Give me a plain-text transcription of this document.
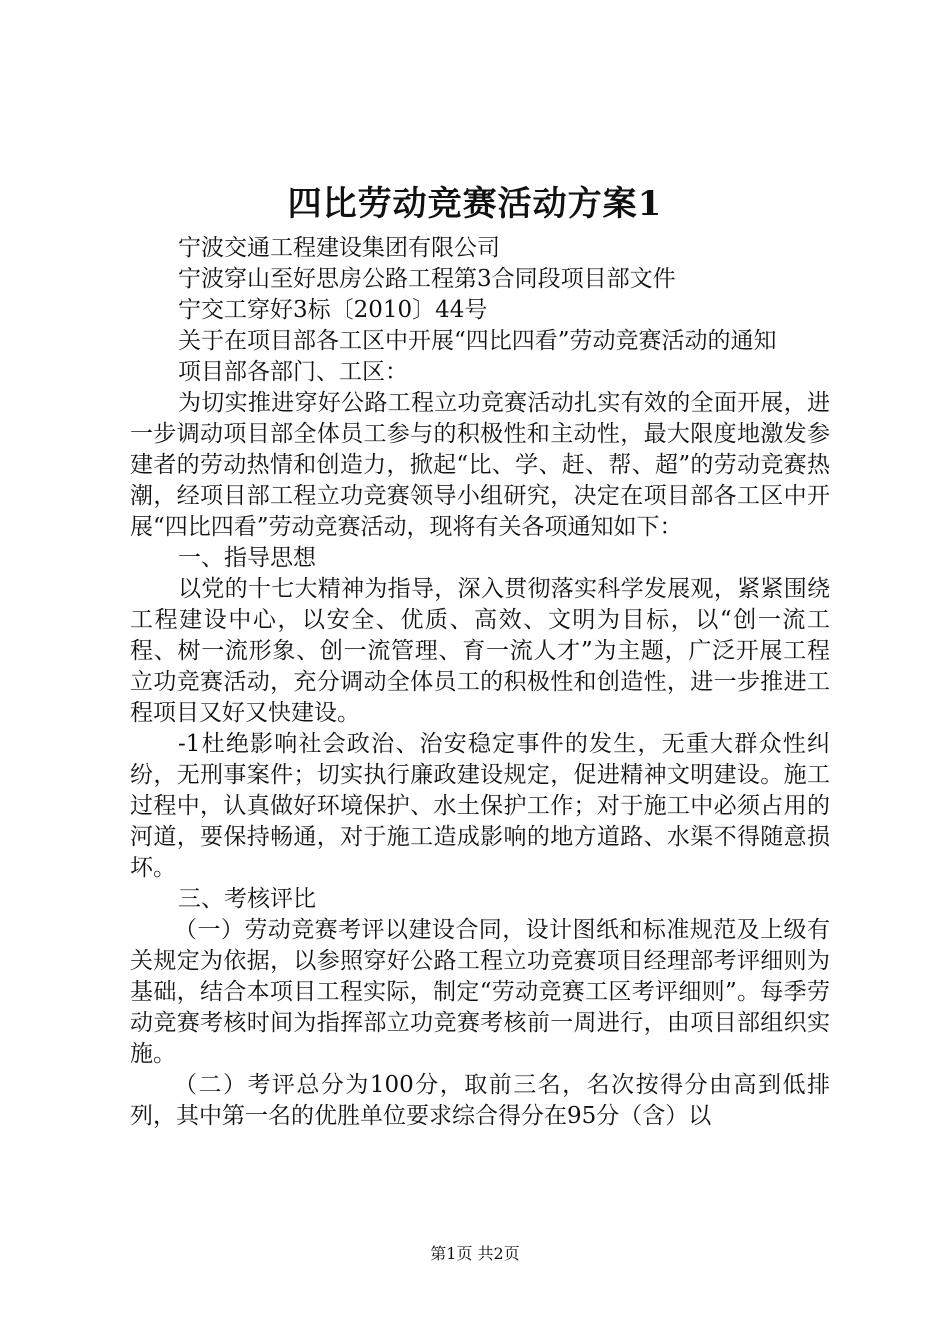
四比劳动竞赛活动方案1

宁波交通工程建设集团有限公司

宁波穿山至好思房公路工程第3合同段项目部文件

宁交工穿好3标〔2010〕44号

关于在项目部各工区中开展“四比四看”劳动竞赛活动的通知

项目部各部门、工区：

为切实推进穿好公路工程立功竞赛活动扎实有效的全面开展，进一步调动项目部全体员工参与的积极性和主动性，最大限度地激发参建者的劳动热情和创造力，掀起“比、学、赶、帮、超”的劳动竞赛热潮，经项目部工程立功竞赛领导小组研究，决定在项目部各工区中开展“四比四看”劳动竞赛活动，现将有关各项通知如下：

一、指导思想

以党的十七大精神为指导，深入贯彻落实科学发展观，紧紧围绕工程建设中心，以安全、优质、高效、文明为目标，以“创一流工程、树一流形象、创一流管理、育一流人才”为主题，广泛开展工程立功竞赛活动，充分调动全体员工的积极性和创造性，进一步推进工程项目又好又快建设。

-1杜绝影响社会政治、治安稳定事件的发生，无重大群众性纠纷，无刑事案件；切实执行廉政建设规定，促进精神文明建设。施工过程中，认真做好环境保护、水土保护工作；对于施工中必须占用的河道，要保持畅通，对于施工造成影响的地方道路、水渠不得随意损坏。

三、考核评比

（一）劳动竞赛考评以建设合同，设计图纸和标准规范及上级有关规定为依据，以参照穿好公路工程立功竞赛项目经理部考评细则为基础，结合本项目工程实际，制定“劳动竞赛工区考评细则”。每季劳动竞赛考核时间为指挥部立功竞赛考核前一周进行，由项目部组织实施。

（二）考评总分为100分，取前三名，名次按得分由高到低排列，其中第一名的优胜单位要求综合得分在95分（含）以

第1页 共2页
